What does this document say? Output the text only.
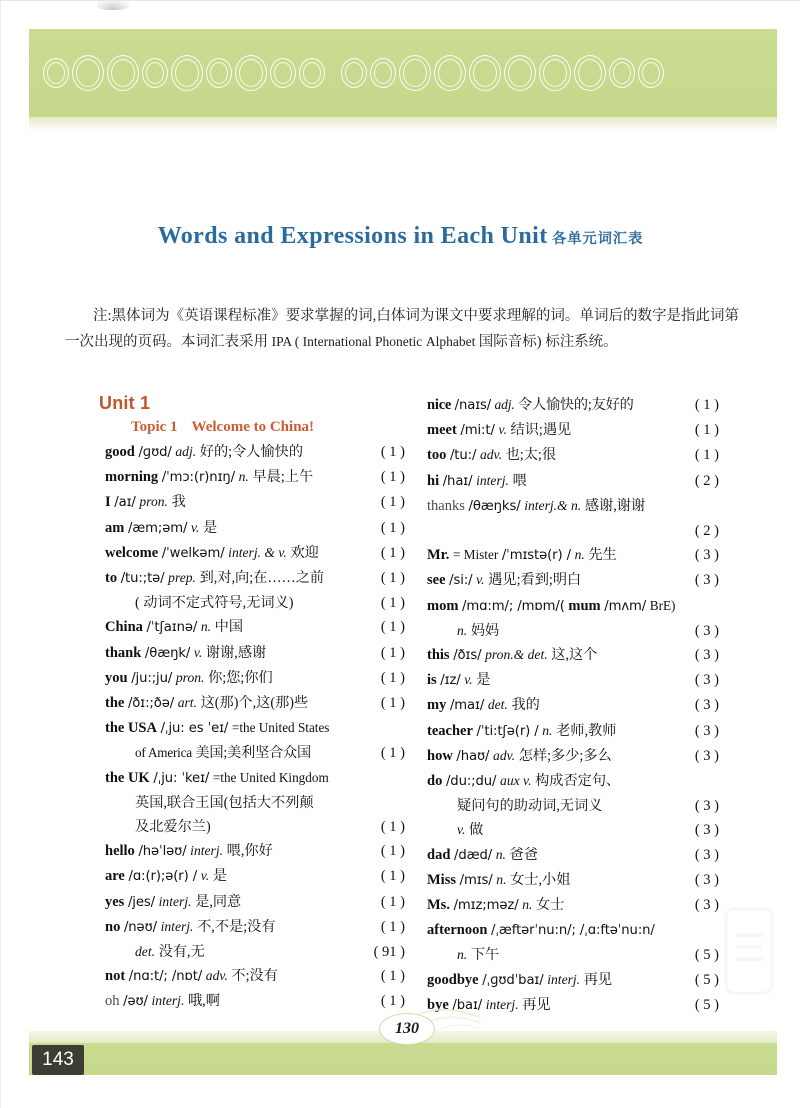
Words and Expressions in Each Unit 各单元词汇表
注:黑体词为《英语课程标准》要求掌握的词,白体词为课文中要求理解的词。单词后的数字是指此词第一次出现的页码。本词汇表采用 IPA ( International Phonetic Alphabet 国际音标) 标注系统。
Unit 1
Topic 1 Welcome to China!
good /ɡʊd/ adj. 好的;令人愉快的	( 1 )
morning /ˈmɔ:(r)nɪŋ/ n. 早晨;上午	( 1 )
I /aɪ/ pron. 我	( 1 )
am /æm;əm/ v. 是	( 1 )
welcome /ˈwelkəm/ interj. & v. 欢迎	( 1 )
to /tu:;tə/ prep. 到,对,向;在……之前	( 1 )
( 动词不定式符号,无词义)	( 1 )
China /ˈtʃaɪnə/ n. 中国	( 1 )
thank /θæŋk/ v. 谢谢,感谢	( 1 )
you /ju:;ju/ pron. 你;您;你们	( 1 )
the /ðɪ:;ðə/ art. 这(那)个,这(那)些	( 1 )
the USA /ˌju: es ˈeɪ/ =the United States
of America 美国;美利坚合众国	( 1 )
the UK /ˌju: ˈkeɪ/ =the United Kingdom
英国,联合王国(包括大不列颠
及北爱尔兰)	( 1 )
hello /həˈləʊ/ interj. 喂,你好	( 1 )
are /ɑ:(r);ə(r) / v. 是	( 1 )
yes /jes/ interj. 是,同意	( 1 )
no /nəʊ/ interj. 不,不是;没有	( 1 )
det. 没有,无	( 91 )
not /nɑ:t/; /nɒt/ adv. 不;没有	( 1 )
oh /əʊ/ interj. 哦,啊	( 1 )
nice /naɪs/ adj. 令人愉快的;友好的	( 1 )
meet /mi:t/ v. 结识;遇见	( 1 )
too /tu:/ adv. 也;太;很	( 1 )
hi /haɪ/ interj. 喂	( 2 )
thanks /θæŋks/ interj.& n. 感谢,谢谢
( 2 )
Mr. = Mister /ˈmɪstə(r) / n. 先生	( 3 )
see /si:/ v. 遇见;看到;明白	( 3 )
mom /mɑ:m/; /mɒm/( mum /mʌm/ BrE)
n. 妈妈	( 3 )
this /ðɪs/ pron.& det. 这,这个	( 3 )
is /ɪz/ v. 是	( 3 )
my /maɪ/ det. 我的	( 3 )
teacher /ˈti:tʃə(r) / n. 老师,教师	( 3 )
how /haʊ/ adv. 怎样;多少;多么	( 3 )
do /du:;du/ aux v. 构成否定句、
疑问句的助动词,无词义	( 3 )
v. 做	( 3 )
dad /dæd/ n. 爸爸	( 3 )
Miss /mɪs/ n. 女士,小姐	( 3 )
Ms. /mɪz;məz/ n. 女士	( 3 )
afternoon /ˌæftərˈnu:n/; /ˌɑ:ftəˈnu:n/
n. 下午	( 5 )
goodbye /ˌɡʊdˈbaɪ/ interj. 再见	( 5 )
bye /baɪ/ interj. 再见	( 5 )
130
143
